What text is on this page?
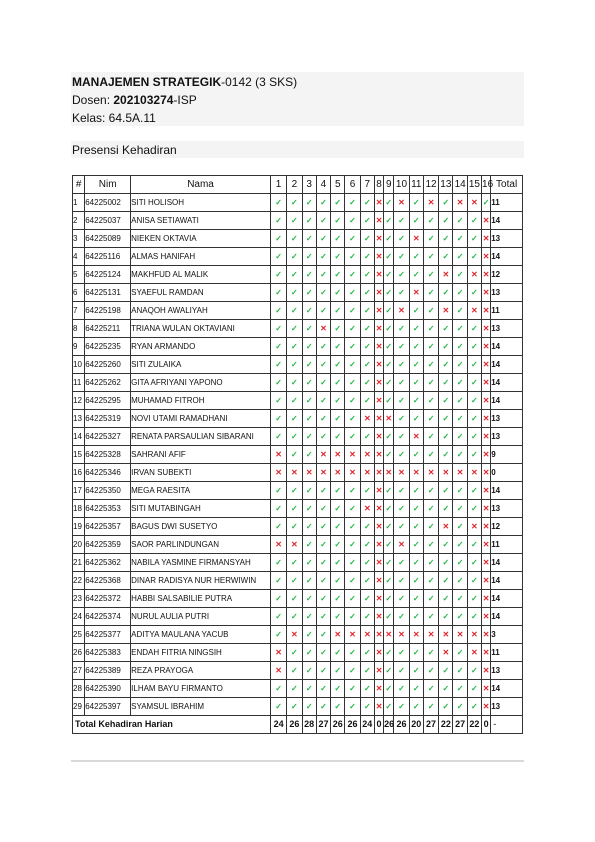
MANAJEMEN STRATEGIK-0142 (3 SKS)
Dosen: 202103274-ISP
Kelas: 64.5A.11
Presensi Kehadiran
#	Nim	Nama	1	2	3	4	5	6	7	8	9	10	11	12	13	14	15	16	Total
1	64225002	SITI HOLISOH	✓	✓	✓	✓	✓	✓	✓	✕	✓	✕	✓	✕	✓	✕	✕	✓	11
2	64225037	ANISA SETIAWATI	✓	✓	✓	✓	✓	✓	✓	✕	✓	✓	✓	✓	✓	✓	✓	✕	14
3	64225089	NIEKEN OKTAVIA	✓	✓	✓	✓	✓	✓	✓	✕	✓	✓	✕	✓	✓	✓	✓	✕	13
4	64225116	ALMAS HANIFAH	✓	✓	✓	✓	✓	✓	✓	✕	✓	✓	✓	✓	✓	✓	✓	✕	14
5	64225124	MAKHFUD AL MALIK	✓	✓	✓	✓	✓	✓	✓	✕	✓	✓	✓	✓	✕	✓	✕	✕	12
6	64225131	SYAEFUL RAMDAN	✓	✓	✓	✓	✓	✓	✓	✕	✓	✓	✕	✓	✓	✓	✓	✕	13
7	64225198	ANAQOH AWALIYAH	✓	✓	✓	✓	✓	✓	✓	✕	✓	✕	✓	✓	✕	✓	✕	✕	11
8	64225211	TRIANA WULAN OKTAVIANI	✓	✓	✓	✕	✓	✓	✓	✕	✓	✓	✓	✓	✓	✓	✓	✕	13
9	64225235	RYAN ARMANDO	✓	✓	✓	✓	✓	✓	✓	✕	✓	✓	✓	✓	✓	✓	✓	✕	14
10	64225260	SITI ZULAIKA	✓	✓	✓	✓	✓	✓	✓	✕	✓	✓	✓	✓	✓	✓	✓	✕	14
11	64225262	GITA AFRIYANI YAPONO	✓	✓	✓	✓	✓	✓	✓	✕	✓	✓	✓	✓	✓	✓	✓	✕	14
12	64225295	MUHAMAD FITROH	✓	✓	✓	✓	✓	✓	✓	✕	✓	✓	✓	✓	✓	✓	✓	✕	14
13	64225319	NOVI UTAMI RAMADHANI	✓	✓	✓	✓	✓	✓	✕	✕	✕	✓	✓	✓	✓	✓	✓	✕	13
14	64225327	RENATA PARSAULIAN SIBARANI	✓	✓	✓	✓	✓	✓	✓	✕	✓	✓	✕	✓	✓	✓	✓	✕	13
15	64225328	SAHRANI AFIF	✕	✓	✓	✕	✕	✕	✕	✕	✓	✓	✓	✓	✓	✓	✓	✕	9
16	64225346	IRVAN SUBEKTI	✕	✕	✕	✕	✕	✕	✕	✕	✕	✕	✕	✕	✕	✕	✕	✕	0
17	64225350	MEGA RAESITA	✓	✓	✓	✓	✓	✓	✓	✕	✓	✓	✓	✓	✓	✓	✓	✕	14
18	64225353	SITI MUTABINGAH	✓	✓	✓	✓	✓	✓	✕	✕	✓	✓	✓	✓	✓	✓	✓	✕	13
19	64225357	BAGUS DWI SUSETYO	✓	✓	✓	✓	✓	✓	✓	✕	✓	✓	✓	✓	✕	✓	✕	✕	12
20	64225359	SAOR PARLINDUNGAN	✕	✕	✓	✓	✓	✓	✓	✕	✓	✕	✓	✓	✓	✓	✓	✕	11
21	64225362	NABILA YASMINE FIRMANSYAH	✓	✓	✓	✓	✓	✓	✓	✕	✓	✓	✓	✓	✓	✓	✓	✕	14
22	64225368	DINAR RADISYA NUR HERWIWIN	✓	✓	✓	✓	✓	✓	✓	✕	✓	✓	✓	✓	✓	✓	✓	✕	14
23	64225372	HABBI SALSABILIE PUTRA	✓	✓	✓	✓	✓	✓	✓	✕	✓	✓	✓	✓	✓	✓	✓	✕	14
24	64225374	NURUL AULIA PUTRI	✓	✓	✓	✓	✓	✓	✓	✕	✓	✓	✓	✓	✓	✓	✓	✕	14
25	64225377	ADITYA MAULANA YACUB	✓	✕	✓	✓	✕	✕	✕	✕	✕	✕	✕	✕	✕	✕	✕	✕	3
26	64225383	ENDAH FITRIA NINGSIH	✕	✓	✓	✓	✓	✓	✓	✕	✓	✓	✓	✓	✕	✓	✕	✕	11
27	64225389	REZA PRAYOGA	✕	✓	✓	✓	✓	✓	✓	✕	✓	✓	✓	✓	✓	✓	✓	✕	13
28	64225390	ILHAM BAYU FIRMANTO	✓	✓	✓	✓	✓	✓	✓	✕	✓	✓	✓	✓	✓	✓	✓	✕	14
29	64225397	SYAMSUL IBRAHIM	✓	✓	✓	✓	✓	✓	✓	✕	✓	✓	✓	✓	✓	✓	✓	✕	13
Total Kehadiran Harian			24	26	28	27	26	26	24	0	26	26	20	27	22	27	22	0	-
